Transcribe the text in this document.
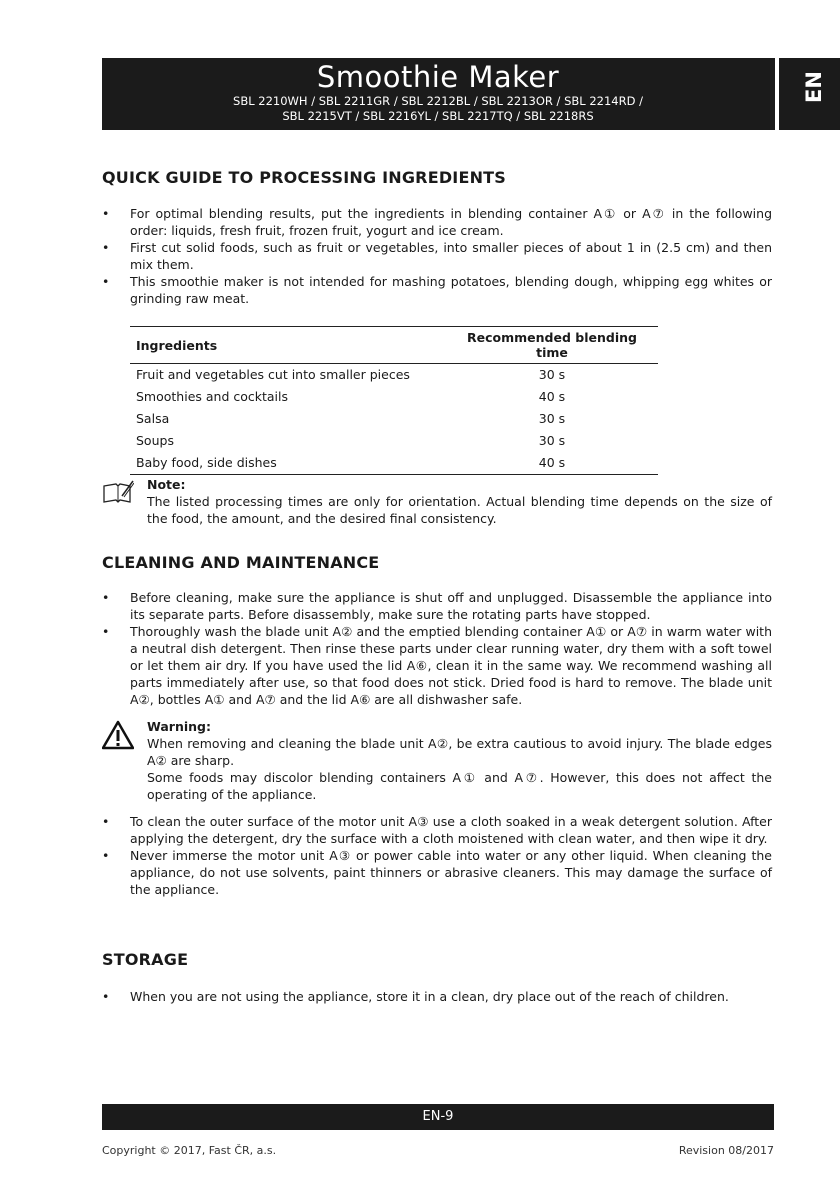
Smoothie Maker
SBL 2210WH / SBL 2211GR / SBL 2212BL / SBL 2213OR / SBL 2214RD /
SBL 2215VT / SBL 2216YL / SBL 2217TQ / SBL 2218RS
EN
QUICK GUIDE TO PROCESSING INGREDIENTS
• For optimal blending results, put the ingredients in blending container A① or A⑦ in the following order: liquids, fresh fruit, frozen fruit, yogurt and ice cream.
• First cut solid foods, such as fruit or vegetables, into smaller pieces of about 1 in (2.5 cm) and then mix them.
• This smoothie maker is not intended for mashing potatoes, blending dough, whipping egg whites or grinding raw meat.
Ingredients	Recommended blending time
Fruit and vegetables cut into smaller pieces	30 s
Smoothies and cocktails	40 s
Salsa	30 s
Soups	30 s
Baby food, side dishes	40 s
Note:
The listed processing times are only for orientation. Actual blending time depends on the size of the food, the amount, and the desired final consistency.
CLEANING AND MAINTENANCE
• Before cleaning, make sure the appliance is shut off and unplugged. Disassemble the appliance into its separate parts. Before disassembly, make sure the rotating parts have stopped.
• Thoroughly wash the blade unit A② and the emptied blending container A① or A⑦ in warm water with a neutral dish detergent. Then rinse these parts under clear running water, dry them with a soft towel or let them air dry. If you have used the lid A⑥, clean it in the same way. We recommend washing all parts immediately after use, so that food does not stick. Dried food is hard to remove. The blade unit A②, bottles A① and A⑦ and the lid A⑥ are all dishwasher safe.
Warning:
When removing and cleaning the blade unit A②, be extra cautious to avoid injury. The blade edges A② are sharp.
Some foods may discolor blending containers A① and A⑦. However, this does not affect the operating of the appliance.
• To clean the outer surface of the motor unit A③ use a cloth soaked in a weak detergent solution. After applying the detergent, dry the surface with a cloth moistened with clean water, and then wipe it dry.
• Never immerse the motor unit A③ or power cable into water or any other liquid. When cleaning the appliance, do not use solvents, paint thinners or abrasive cleaners. This may damage the surface of the appliance.
STORAGE
• When you are not using the appliance, store it in a clean, dry place out of the reach of children.
EN-9
Copyright © 2017, Fast ČR, a.s.	Revision 08/2017
